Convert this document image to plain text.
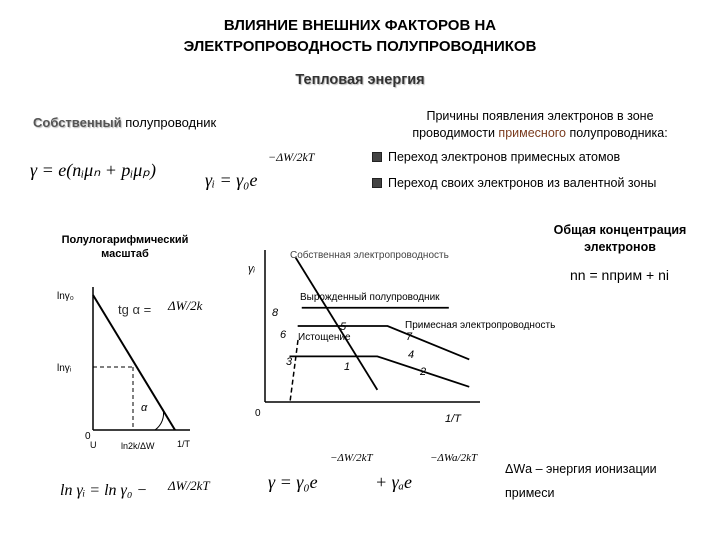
ВЛИЯНИЕ ВНЕШНИХ ФАКТОРОВ НА
ЭЛЕКТРОПРОВОДНОСТЬ ПОЛУПРОВОДНИКОВ
Тепловая энергия
Собственный полупроводник	Причины появления электронов в зоне
проводимости примесного полупроводника:
Переход электронов примесных атомов
Переход своих электронов из валентной зоны
γ = e(nᵢμₙ + pᵢμₚ)	γᵢ = γ₀e
−ΔW/2kT
Полулогарифмический
масштаб
Общая концентрация
электронов
nn = nприм + ni
lnγ₀
lnγᵢ
0
U	ln2k/ΔW 1/T
α
tg α = ΔW/2k
γᵢ
1/T
Собственная электропроводность
Вырожденный полупроводник
Примесная электропроводность
Истощение
0
1	2
3
4
5
6	7
8
ΔWа – энергия ионизации
примеси
ln γᵢ = ln γ₀ − ΔW/2kT	γ = γ₀e
−ΔW/2kT
+ γₐe
−ΔWa/2kT
